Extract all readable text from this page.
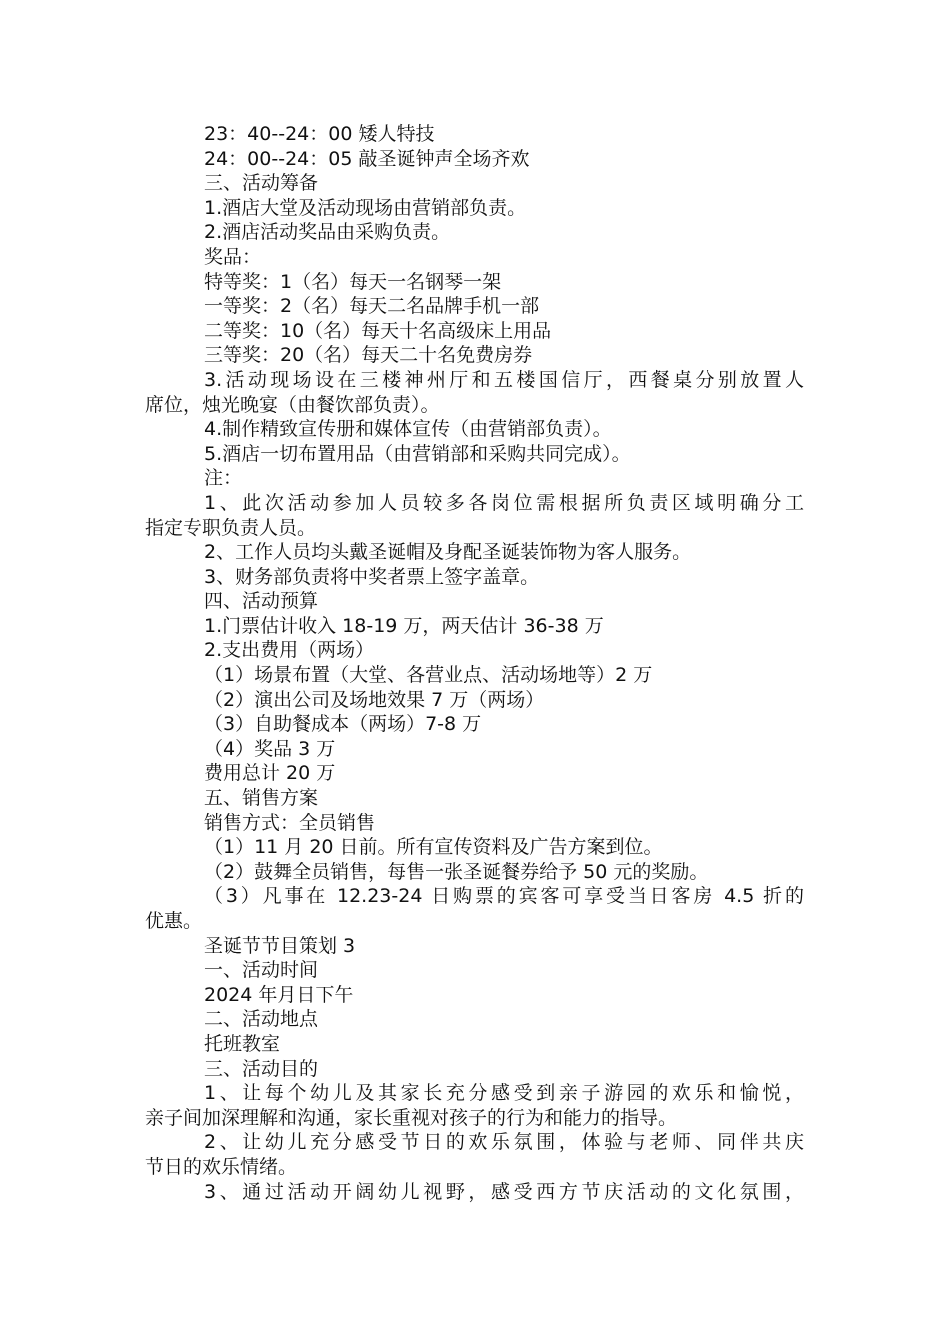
23：40--24：00 矮人特技
24：00--24：05 敲圣诞钟声全场齐欢
三、活动筹备
1.酒店大堂及活动现场由营销部负责。
2.酒店活动奖品由采购负责。
奖品：
特等奖：1（名）每天一名钢琴一架
一等奖：2（名）每天二名品牌手机一部
二等奖：10（名）每天十名高级床上用品
三等奖：20（名）每天二十名免费房券
3.活动现场设在三楼神州厅和五楼国信厅，西餐桌分别放置人
席位，烛光晚宴（由餐饮部负责）。
4.制作精致宣传册和媒体宣传（由营销部负责）。
5.酒店一切布置用品（由营销部和采购共同完成）。
注：
1、此次活动参加人员较多各岗位需根据所负责区域明确分工
指定专职负责人员。
2、工作人员均头戴圣诞帽及身配圣诞装饰物为客人服务。
3、财务部负责将中奖者票上签字盖章。
四、活动预算
1.门票估计收入 18-19 万，两天估计 36-38 万
2.支出费用（两场）
（1）场景布置（大堂、各营业点、活动场地等）2 万
（2）演出公司及场地效果 7 万（两场）
（3）自助餐成本（两场）7-8 万
（4）奖品 3 万
费用总计 20 万
五、销售方案
销售方式：全员销售
（1）11 月 20 日前。所有宣传资料及广告方案到位。
（2）鼓舞全员销售，每售一张圣诞餐券给予 50 元的奖励。
（3）凡事在 12.23-24 日购票的宾客可享受当日客房 4.5 折的
优惠。
圣诞节节目策划 3
一、活动时间
2024 年月日下午
二、活动地点
托班教室
三、活动目的
1、让每个幼儿及其家长充分感受到亲子游园的欢乐和愉悦，
亲子间加深理解和沟通，家长重视对孩子的行为和能力的指导。
2、让幼儿充分感受节日的欢乐氛围，体验与老师、同伴共庆
节日的欢乐情绪。
3、通过活动开阔幼儿视野，感受西方节庆活动的文化氛围，
